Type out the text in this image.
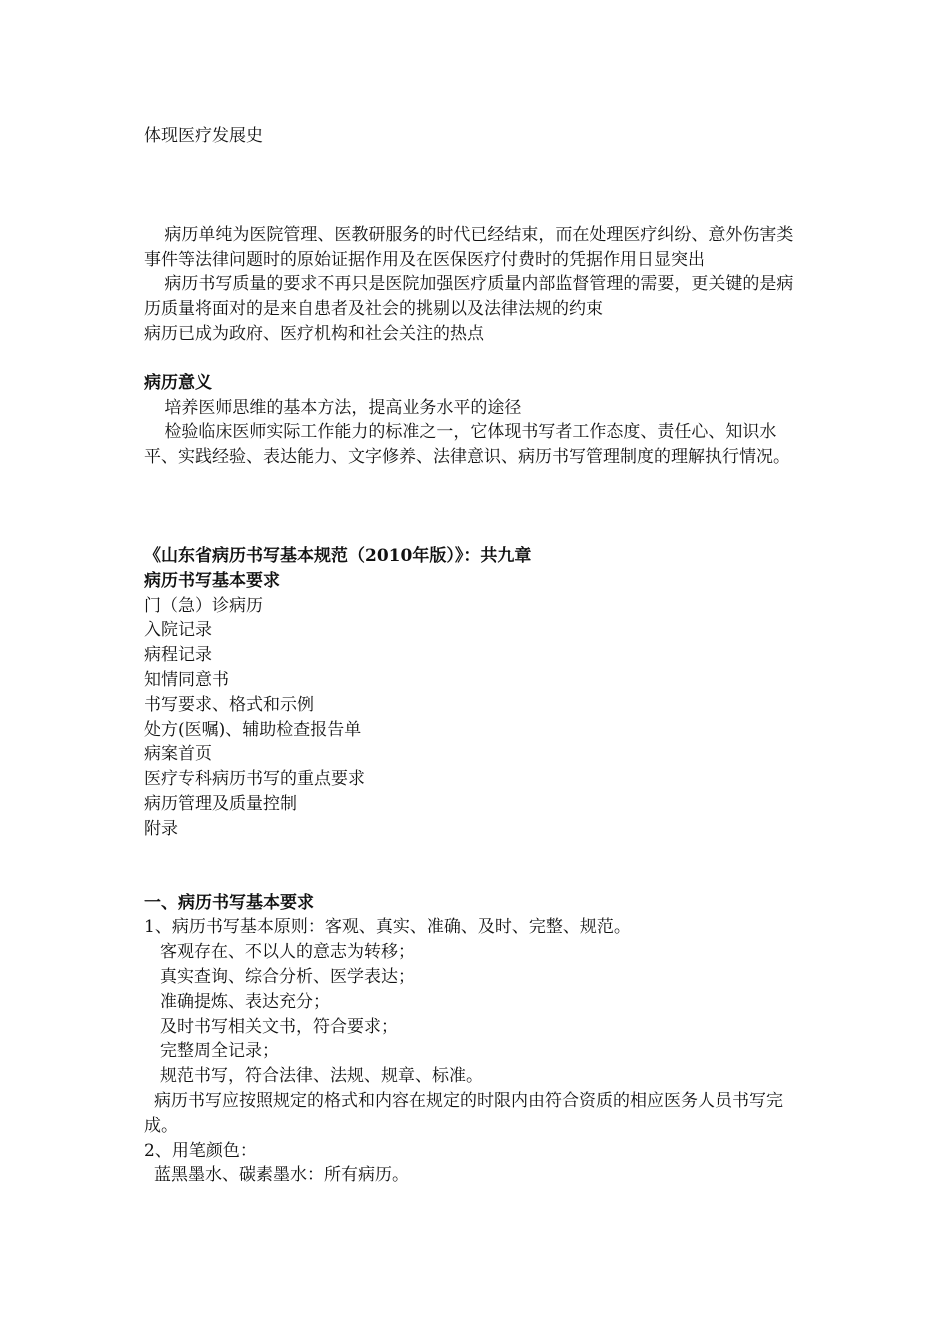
体现医疗发展史

病历单纯为医院管理、医教研服务的时代已经结束，而在处理医疗纠纷、意外伤害类事件等法律问题时的原始证据作用及在医保医疗付费时的凭据作用日显突出

病历书写质量的要求不再只是医院加强医疗质量内部监督管理的需要，更关键的是病历质量将面对的是来自患者及社会的挑剔以及法律法规的约束

病历已成为政府、医疗机构和社会关注的热点

病历意义

培养医师思维的基本方法，提高业务水平的途径

检验临床医师实际工作能力的标准之一，它体现书写者工作态度、责任心、知识水平、实践经验、表达能力、文字修养、法律意识、病历书写管理制度的理解执行情况。

《山东省病历书写基本规范（2010年版）》：共九章

病历书写基本要求

门（急）诊病历

入院记录

病程记录

知情同意书

书写要求、格式和示例

处方(医嘱)、辅助检查报告单

病案首页

医疗专科病历书写的重点要求

病历管理及质量控制

附录

一、病历书写基本要求

1、病历书写基本原则：客观、真实、准确、及时、完整、规范。

客观存在、不以人的意志为转移；

真实查询、综合分析、医学表达；

准确提炼、表达充分；

及时书写相关文书，符合要求；

完整周全记录；

规范书写，符合法律、法规、规章、标准。

病历书写应按照规定的格式和内容在规定的时限内由符合资质的相应医务人员书写完成。

2、用笔颜色：

蓝黑墨水、碳素墨水：所有病历。
